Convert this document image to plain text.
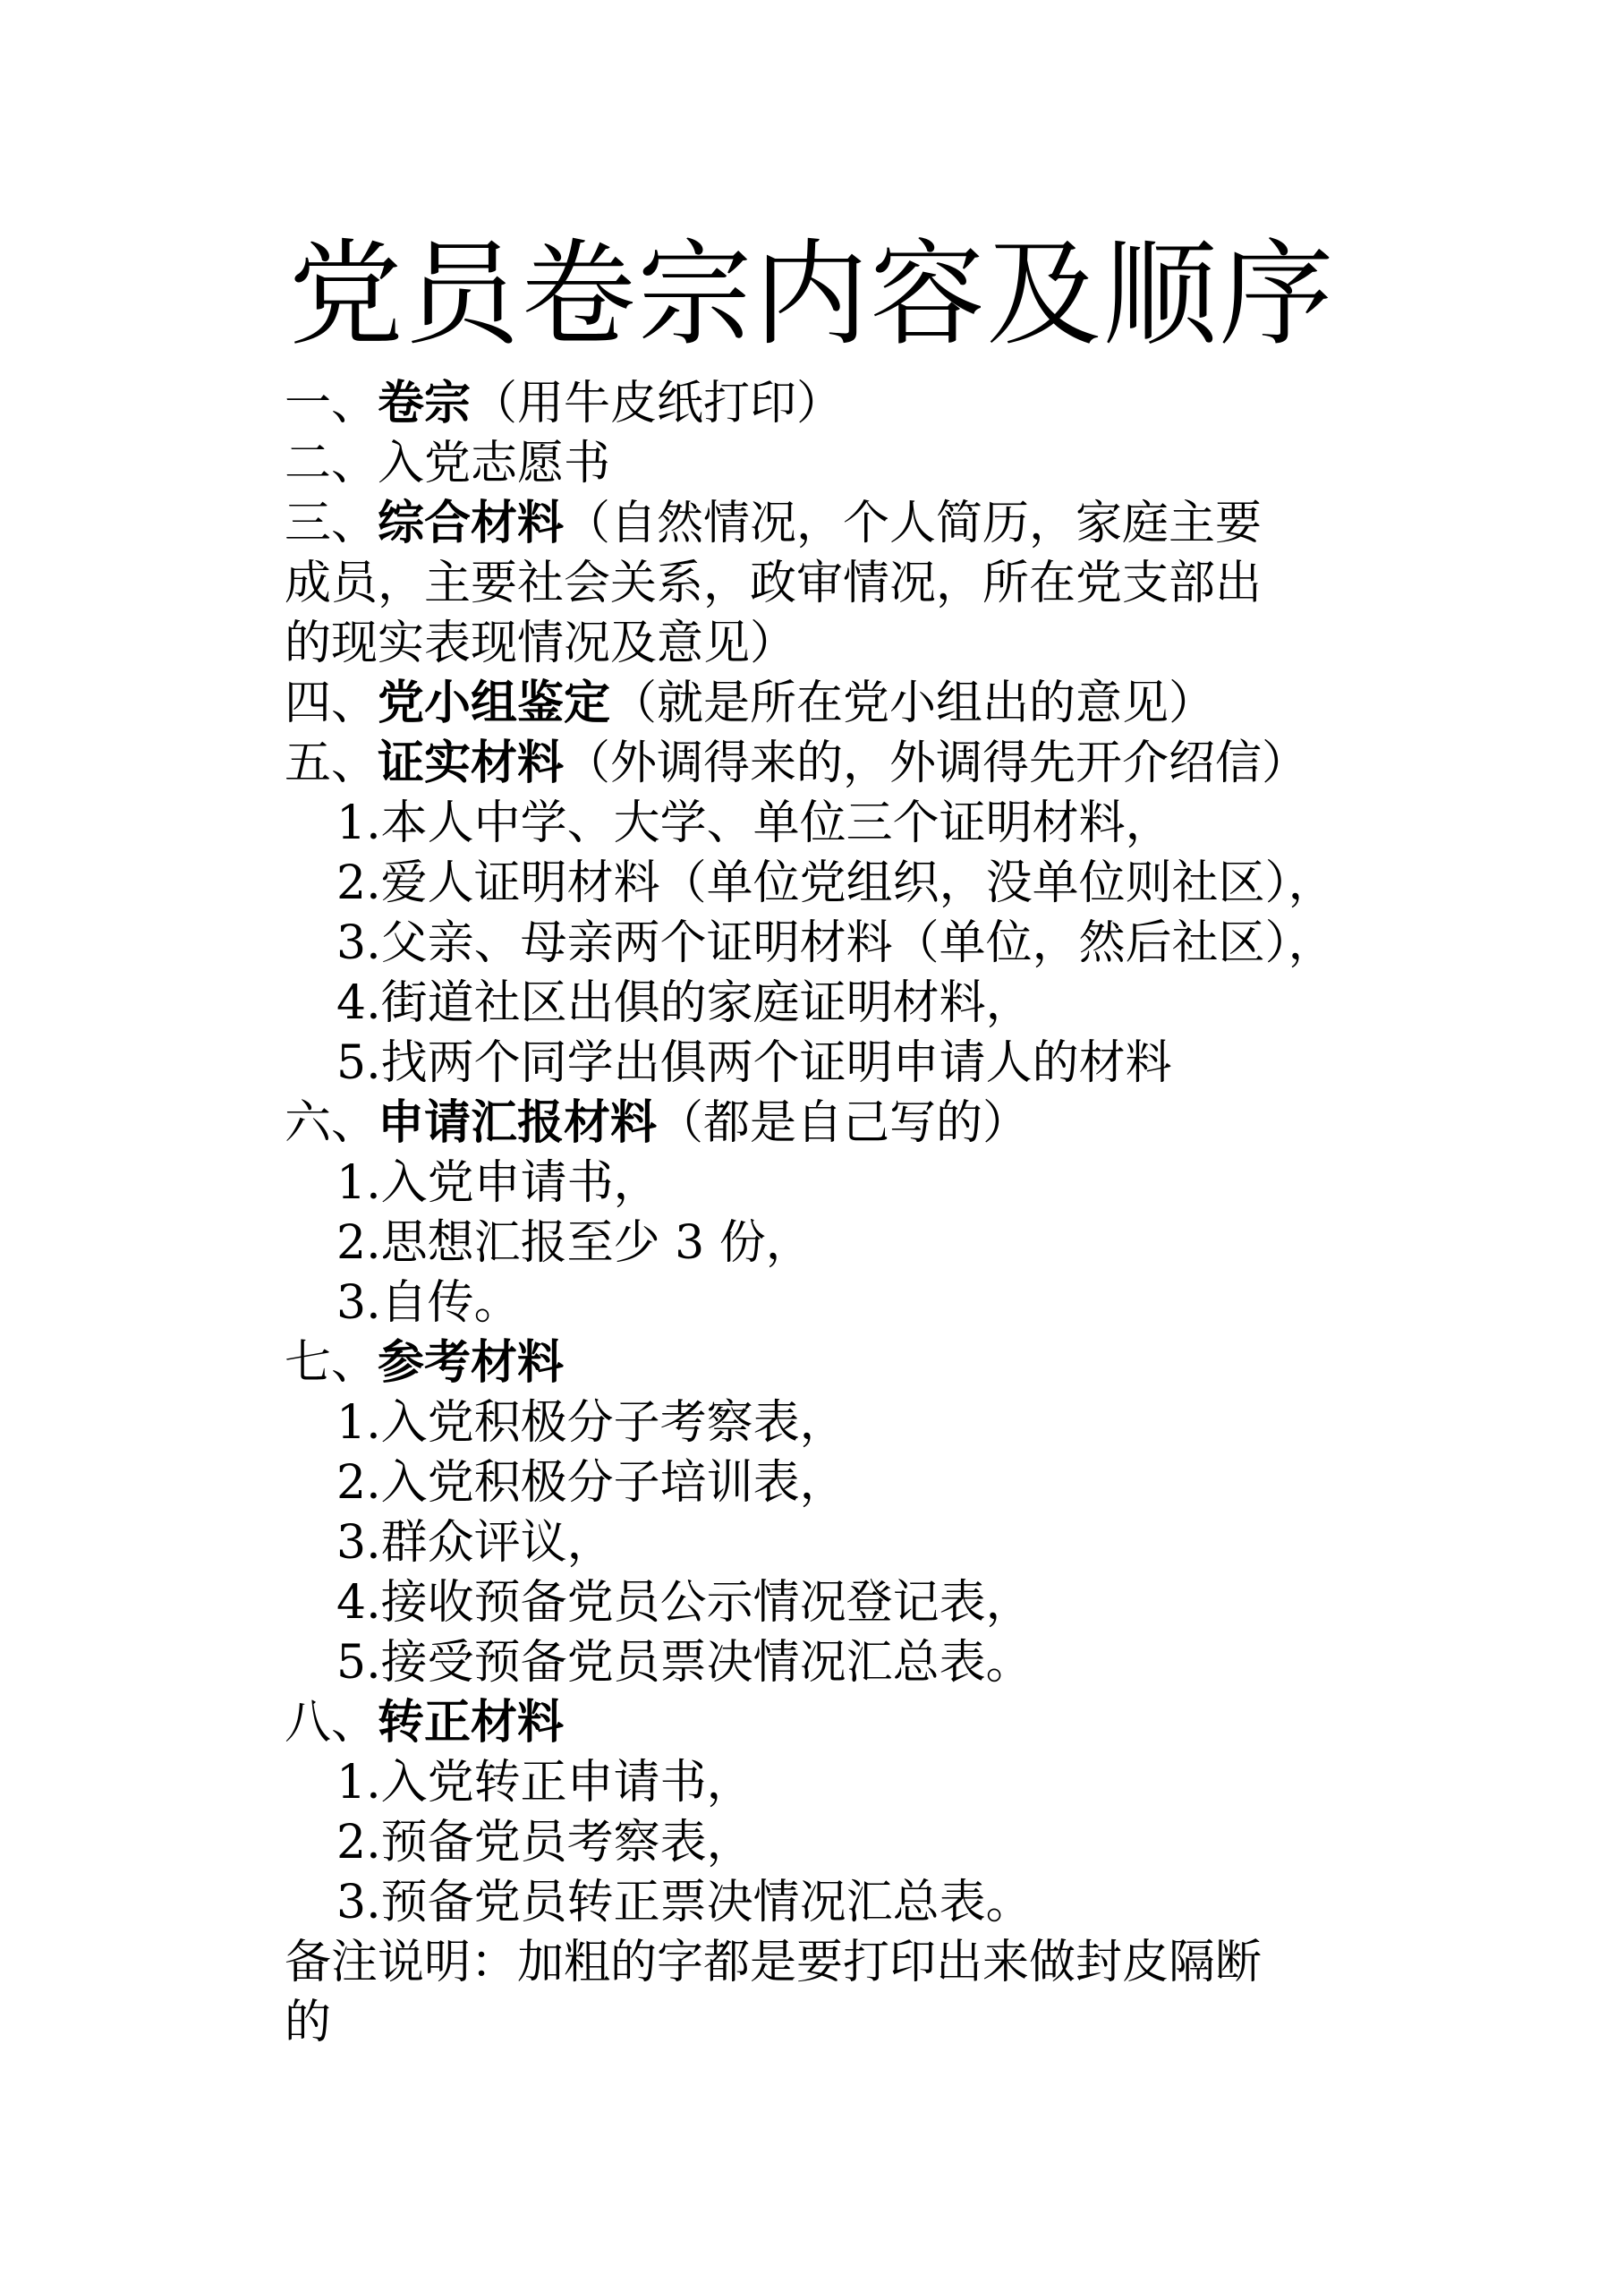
党员卷宗内容及顺序
一、卷宗（用牛皮纸打印）
二、入党志愿书
三、综合材料（自然情况，个人简历，家庭主要
成员，主要社会关系，政审情况，所在党支部出
的现实表现情况及意见）
四、党小组鉴定（就是所在党小组出的意见）
五、证实材料（外调得来的，外调得先开介绍信）
1.本人中学、大学、单位三个证明材料，
2.爱人证明材料（单位党组织，没单位则社区），
3.父亲、母亲两个证明材料（单位，然后社区），
4.街道社区出俱的家庭证明材料，
5.找两个同学出俱两个证明申请人的材料
六、申请汇报材料（都是自己写的）
1.入党申请书，
2.思想汇报至少 3 份，
3.自传。
七、参考材料
1.入党积极分子考察表，
2.入党积极分子培训表，
3.群众评议，
4.接收预备党员公示情况登记表，
5.接受预备党员票决情况汇总表。
八、转正材料
1.入党转正申请书，
2.预备党员考察表，
3.预备党员转正票决情况汇总表。
备注说明：加粗的字都是要打印出来做封皮隔断
的
